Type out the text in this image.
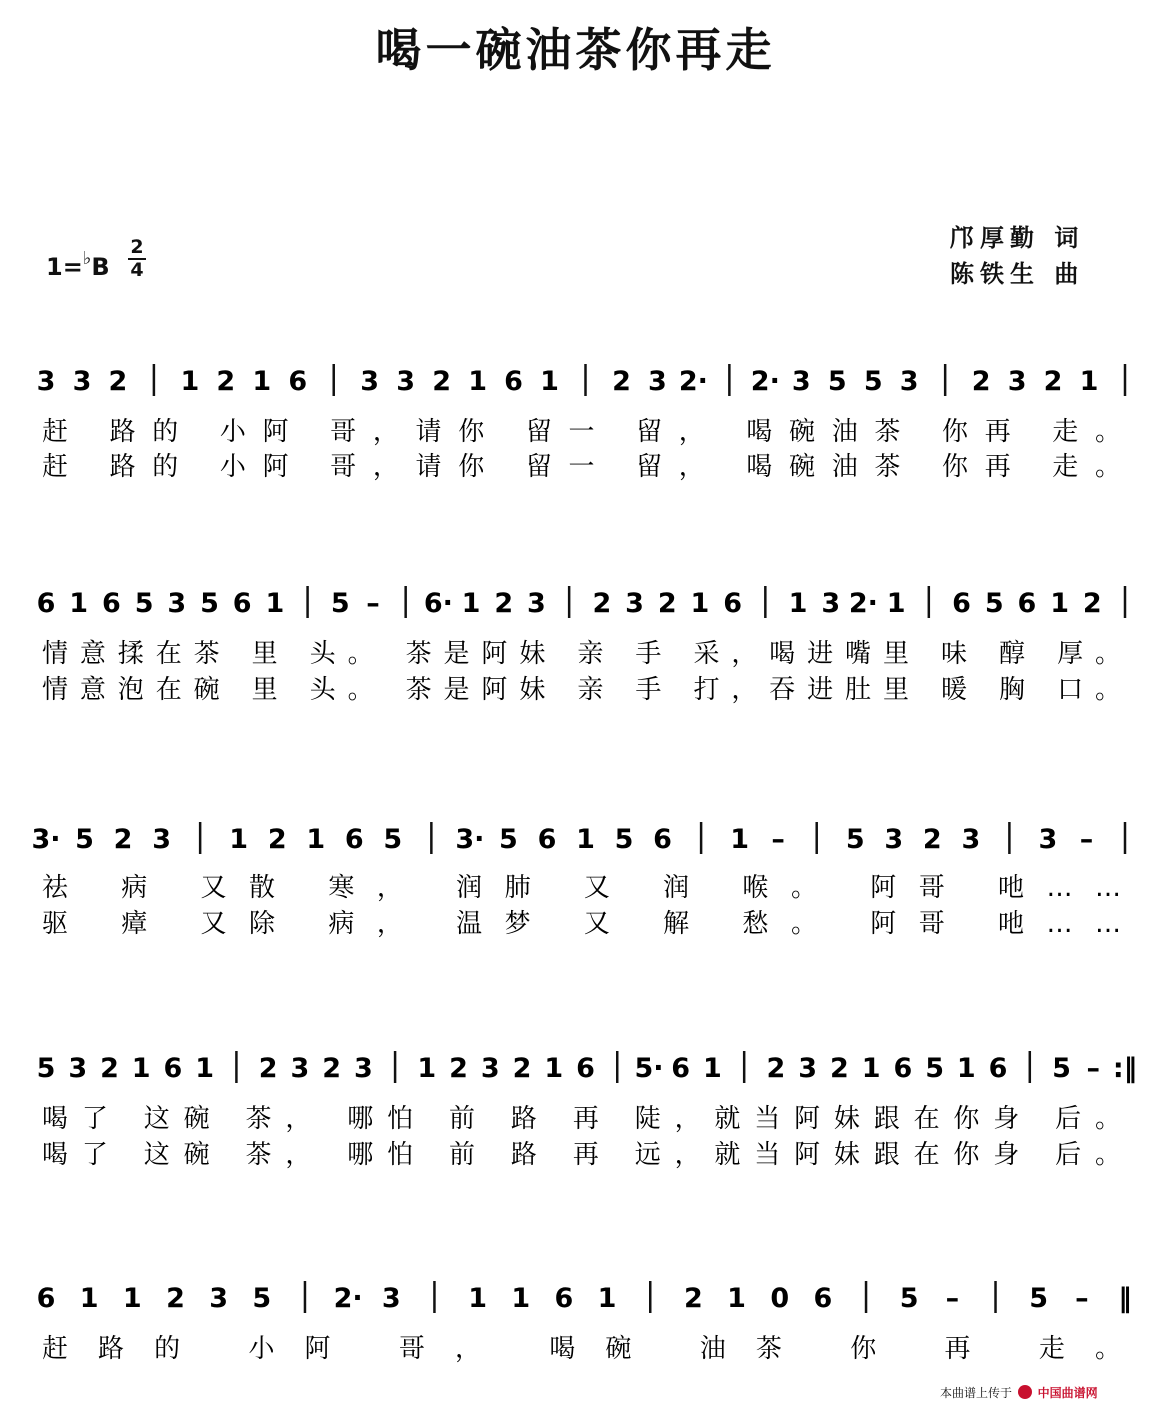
喝一碗油茶你再走
邝厚勤 词
陈铁生 曲
1=♭B
2
4
3 3 2 1 2 1 6 3 3 2 1 6 1 2 3 2· 2· 3 5 5 3 2 3 2 1
赶 路的 小阿 哥，请你 留一 留， 喝碗油茶 你再 走。
赶 路的 小阿 哥，请你 留一 留， 喝碗油茶 你再 走。
6 1 6 5 3 5 6 1 5 – 6· 1 2 3 2 3 2 1 6 1 3 2· 1 6 5 6 1 2
情意揉在茶 里 头。 茶是阿妹 亲 手 采，喝进嘴里 味 醇 厚。
情意泡在碗 里 头。 茶是阿妹 亲 手 打，吞进肚里 暖 胸 口。
3· 5 2 3 1 2 1 6 5 3· 5 6 1 5 6 1 – 5 3 2 3 3 –
祛 病 又散 寒， 润肺 又 润 喉。 阿哥 吔……
驱 瘴 又除 病， 温梦 又 解 愁。 阿哥 吔……
5 3 2 1 6 1 2 3 2 3 1 2 3 2 1 6 5· 6 1 2 3 2 1 6 5 1 6 5 – :‖
喝了 这碗 茶， 哪怕 前 路 再 陡，就当阿妹跟在你身 后。
喝了 这碗 茶， 哪怕 前 路 再 远，就当阿妹跟在你身 后。
6 1 1 2 3 5 2· 3	1 1 6 1	2 1 0 6	5 –	5 – ‖
赶路的 小阿 哥， 喝碗 油茶 你 再 走。
本曲谱上传于 中国曲谱网
